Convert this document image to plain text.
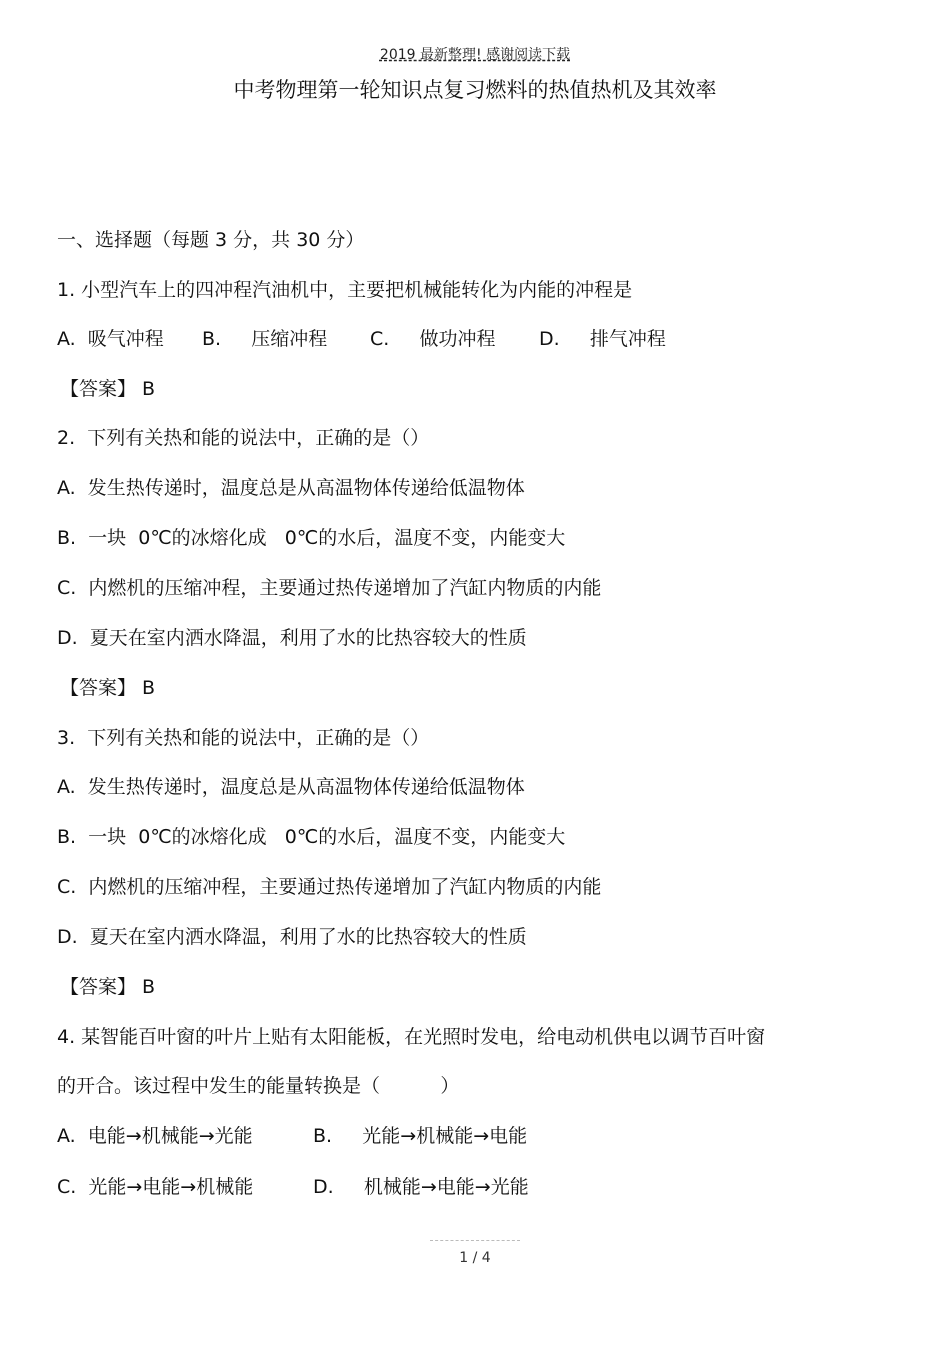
2019 最新整理! 感谢阅读下载
中考物理第一轮知识点复习燃料的热值热机及其效率
一、选择题（每题 3 分，共 30 分）
1. 小型汽车上的四冲程汽油机中，主要把机械能转化为内能的冲程是
A.  吸气冲程 B.     压缩冲程 C.     做功冲程 D.     排气冲程
【答案】 B
2.  下列有关热和能的说法中，正确的是（）
A.  发生热传递时，温度总是从高温物体传递给低温物体
B.  一块  0℃的冰熔化成   0℃的水后，温度不变，内能变大
C.  内燃机的压缩冲程，主要通过热传递增加了汽缸内物质的内能
D.  夏天在室内洒水降温，利用了水的比热容较大的性质
【答案】 B
3.  下列有关热和能的说法中，正确的是（）
A.  发生热传递时，温度总是从高温物体传递给低温物体
B.  一块  0℃的冰熔化成   0℃的水后，温度不变，内能变大
C.  内燃机的压缩冲程，主要通过热传递增加了汽缸内物质的内能
D.  夏天在室内洒水降温，利用了水的比热容较大的性质
【答案】 B
4. 某智能百叶窗的叶片上贴有太阳能板，在光照时发电，给电动机供电以调节百叶窗
的开合。该过程中发生的能量转换是（          ）
A.  电能→机械能→光能	B.     光能→机械能→电能
C.  光能→电能→机械能	D.     机械能→电能→光能
1 / 4
